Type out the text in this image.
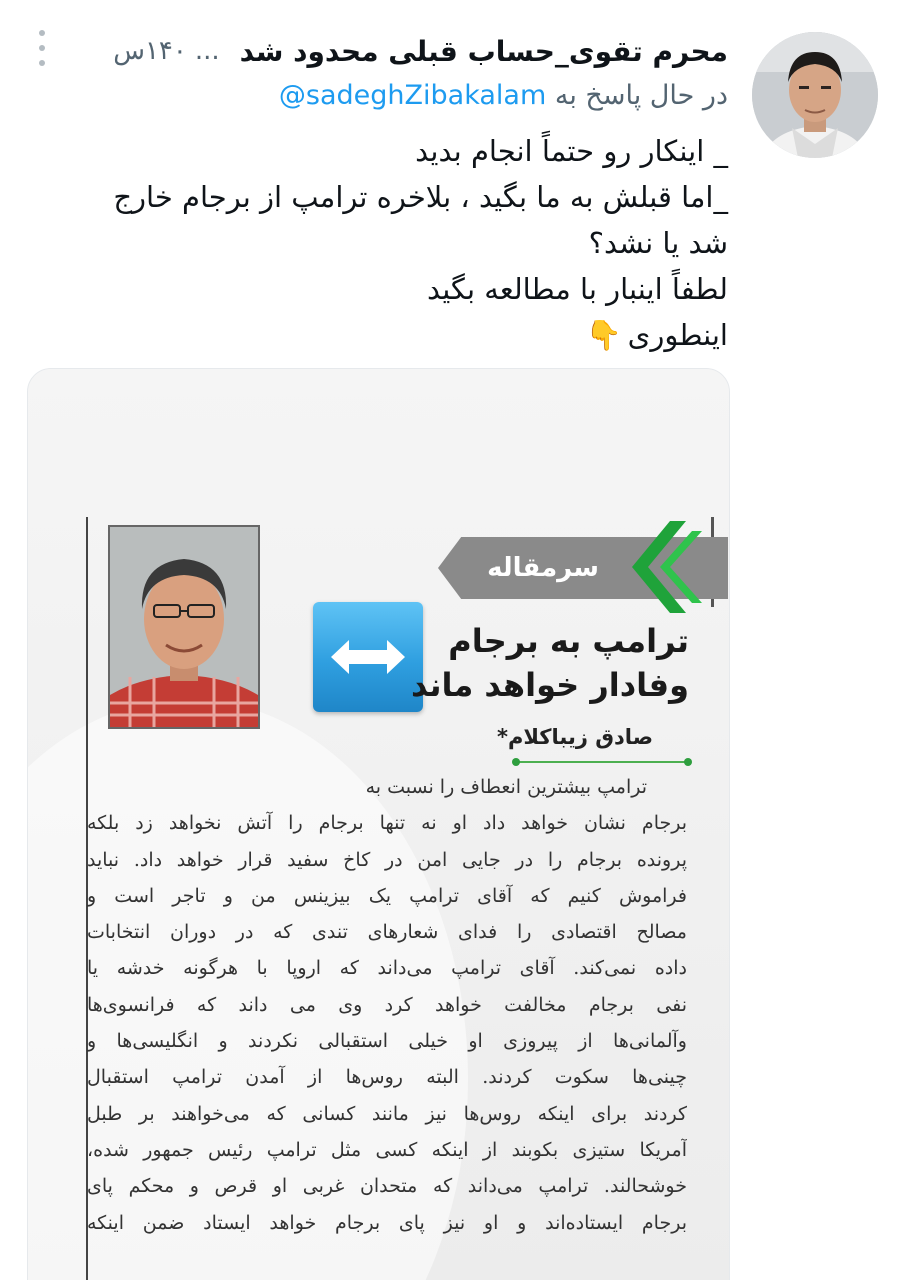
محرم تقوی_حساب قبلی محدود شد
...
۱۴۰س
در حال پاسخ به @sadeghZibakalam
_ اینکار رو حتماً انجام بدید
_اما قبلش به ما بگید ، بلاخره ترامپ از برجام خارج
شد یا نشد؟
لطفاً اینبار با مطالعه بگید
اینطوری👇
سرمقاله
ترامپ به برجام
وفادار خواهد ماند
صادق زیباکلام*
ترامپ بیشترین انعطاف را نسبت به
برجام نشان خواهد داد او نه تنها برجام را آتش نخواهد زد بلکه
پرونده برجام را در جایی امن در کاخ سفید قرار خواهد داد. نباید
فراموش کنیم که آقای ترامپ یک بیزینس من و تاجر است و
مصالح اقتصادی را فدای شعارهای تندی که در دوران انتخابات
داده نمی‌کند. آقای ترامپ می‌داند که اروپا با هرگونه خدشه یا
نفی برجام مخالفت خواهد کرد وی می داند که فرانسوی‌ها
وآلمانی‌ها از پیروزی او خیلی استقبالی نکردند و انگلیسی‌ها و
چینی‌ها سکوت کردند. البته روس‌ها از آمدن ترامپ استقبال
کردند برای اینکه روس‌ها نیز مانند کسانی که می‌خواهند بر طبل
آمریکا ستیزی بکوبند از اینکه کسی مثل ترامپ رئیس جمهور شده،
خوشحالند. ترامپ می‌داند که متحدان غربی او قرص و محکم پای
برجام ایستاده‌اند و او نیز پای برجام خواهد ایستاد ضمن اینکه
